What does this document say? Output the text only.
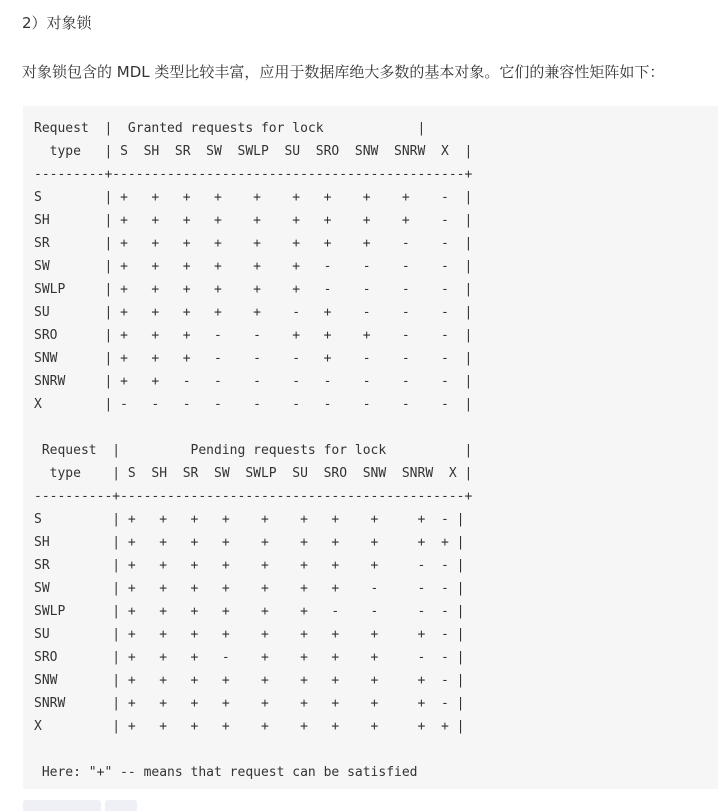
2）对象锁
对象锁包含的 MDL 类型比较丰富，应用于数据库绝大多数的基本对象。它们的兼容性矩阵如下：
Request  |  Granted requests for lock            |
type   | S  SH  SR  SW  SWLP  SU  SRO  SNW  SNRW  X  |
---------+---------------------------------------------+
S        | +   +   +   +    +    +   +    +    +    -  |
SH       | +   +   +   +    +    +   +    +    +    -  |
SR       | +   +   +   +    +    +   +    +    -    -  |
SW       | +   +   +   +    +    +   -    -    -    -  |
SWLP     | +   +   +   +    +    +   -    -    -    -  |
SU       | +   +   +   +    +    -   +    -    -    -  |
SRO      | +   +   +   -    -    +   +    +    -    -  |
SNW      | +   +   +   -    -    -   +    -    -    -  |
SNRW     | +   +   -   -    -    -   -    -    -    -  |
X        | -   -   -   -    -    -   -    -    -    -  |

Request  |         Pending requests for lock          |
type    | S  SH  SR  SW  SWLP  SU  SRO  SNW  SNRW  X |
----------+--------------------------------------------+
S         | +   +   +   +    +    +   +    +     +  - |
SH        | +   +   +   +    +    +   +    +     +  + |
SR        | +   +   +   +    +    +   +    +     -  - |
SW        | +   +   +   +    +    +   +    -     -  - |
SWLP      | +   +   +   +    +    +   -    -     -  - |
SU        | +   +   +   +    +    +   +    +     +  - |
SRO       | +   +   +   -    +    +   +    +     -  - |
SNW       | +   +   +   +    +    +   +    +     +  - |
SNRW      | +   +   +   +    +    +   +    +     +  - |
X         | +   +   +   +    +    +   +    +     +  + |

Here: "+" -- means that request can be satisfied
